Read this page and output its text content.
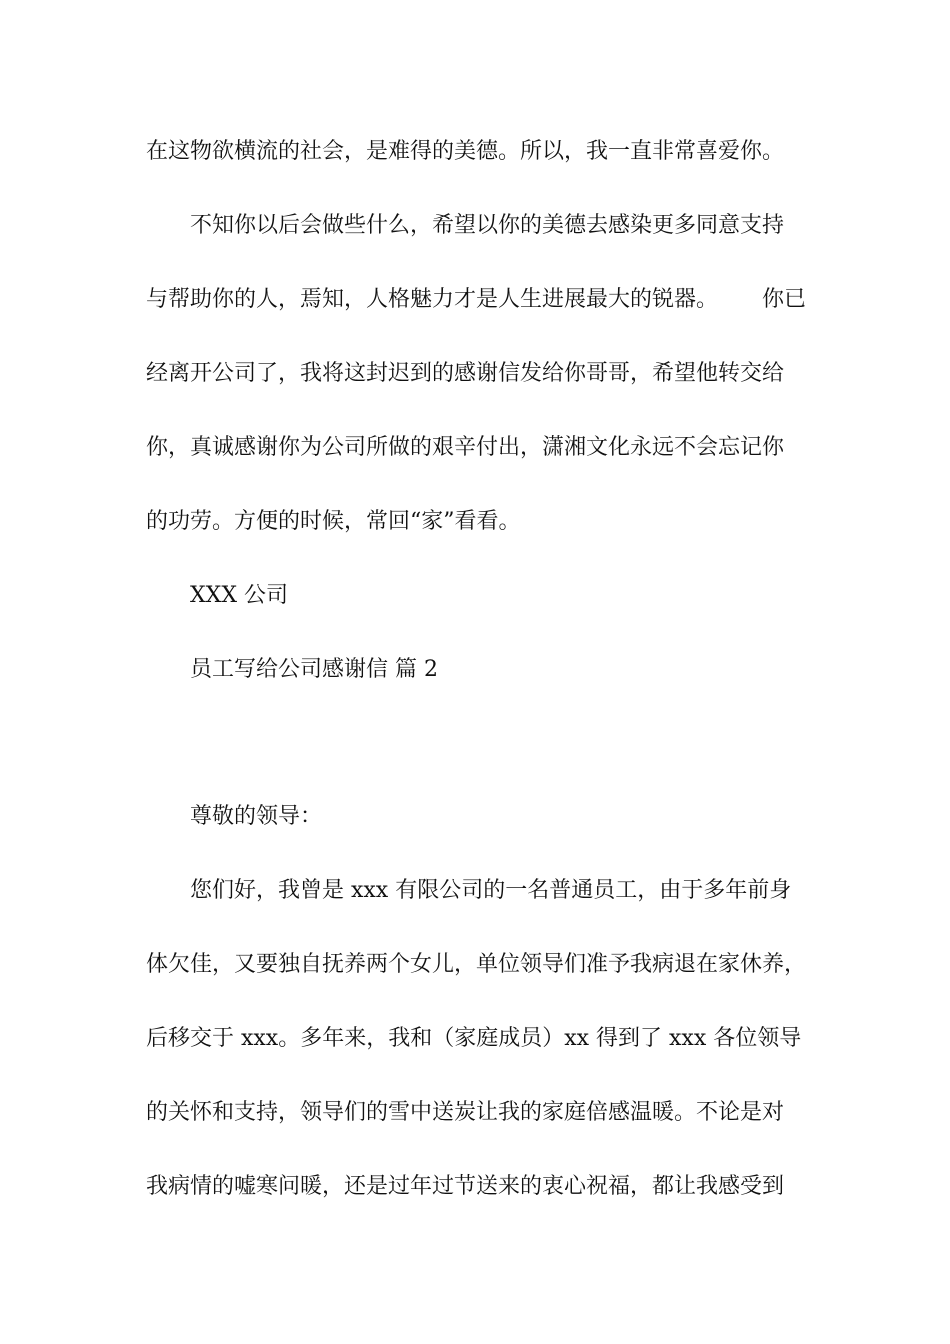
在这物欲横流的社会，是难得的美德。所以，我一直非常喜爱你。
不知你以后会做些什么，希望以你的美德去感染更多同意支持
与帮助你的人，焉知，人格魅力才是人生进展最大的锐器。 你已
经离开公司了，我将这封迟到的感谢信发给你哥哥，希望他转交给
你，真诚感谢你为公司所做的艰辛付出，潇湘文化永远不会忘记你
的功劳。方便的时候，常回“家”看看。
XXX 公司
员工写给公司感谢信 篇 2
尊敬的领导：
您们好，我曾是 xxx 有限公司的一名普通员工，由于多年前身
体欠佳，又要独自抚养两个女儿，单位领导们准予我病退在家休养，
后移交于 xxx。多年来，我和（家庭成员）xx 得到了 xxx 各位领导
的关怀和支持，领导们的雪中送炭让我的家庭倍感温暖。不论是对
我病情的嘘寒问暖，还是过年过节送来的衷心祝福，都让我感受到
